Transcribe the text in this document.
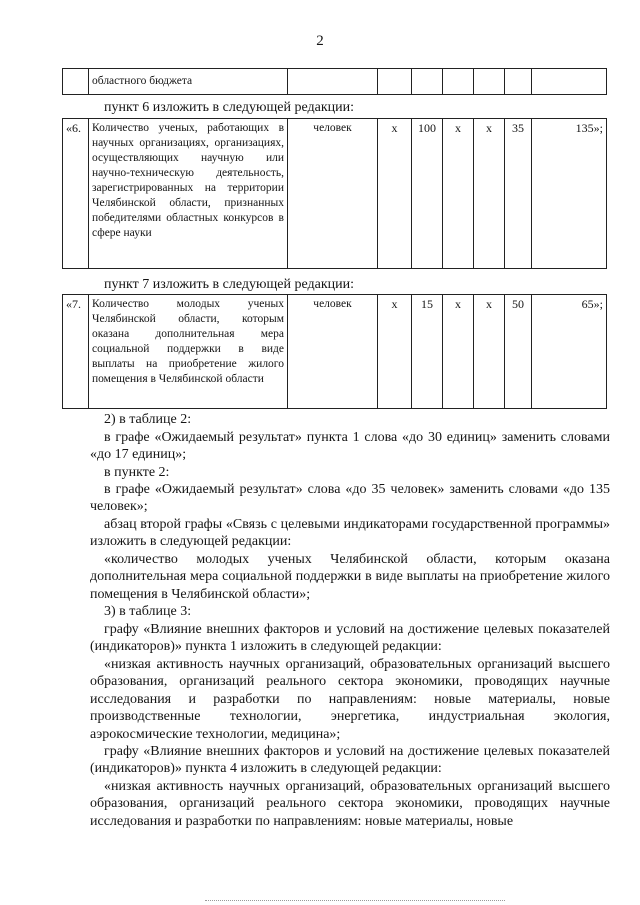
2
	областного бюджета							
пункт 6 изложить в следующей редакции:
«6.	Количество ученых, работающих в научных организациях, организациях, осуществляющих научную или научно-техническую деятельность, зарегистрированных на территории Челябинской области, признанных победителями областных конкурсов в сфере науки	человек	х	100	х	х	35	135»;
пункт 7 изложить в следующей редакции:
«7.	Количество молодых ученых Челябинской области, которым оказана дополнительная мера социальной поддержки в виде выплаты на приобретение жилого помещения в Челябинской области	человек	х	15	х	х	50	65»;
2) в таблице 2:
в графе «Ожидаемый результат» пункта 1 слова «до 30 единиц» заменить словами «до 17 единиц»;
в пункте 2:
в графе «Ожидаемый результат» слова «до 35 человек» заменить словами «до 135 человек»;
абзац второй графы «Связь с целевыми индикаторами государственной программы» изложить в следующей редакции:
«количество молодых ученых Челябинской области, которым оказана дополнительная мера социальной поддержки в виде выплаты на приобретение жилого помещения в Челябинской области»;
3) в таблице 3:
графу «Влияние внешних факторов и условий на достижение целевых показателей (индикаторов)» пункта 1 изложить в следующей редакции:
«низкая активность научных организаций, образовательных организаций высшего образования, организаций реального сектора экономики, проводящих научные исследования и разработки по направлениям: новые материалы, новые производственные технологии, энергетика, индустриальная экология, аэрокосмические технологии, медицина»;
графу «Влияние внешних факторов и условий на достижение целевых показателей (индикаторов)» пункта 4 изложить в следующей редакции:
«низкая активность научных организаций, образовательных организаций высшего образования, организаций реального сектора экономики, проводящих научные исследования и разработки по направлениям: новые материалы, новые
